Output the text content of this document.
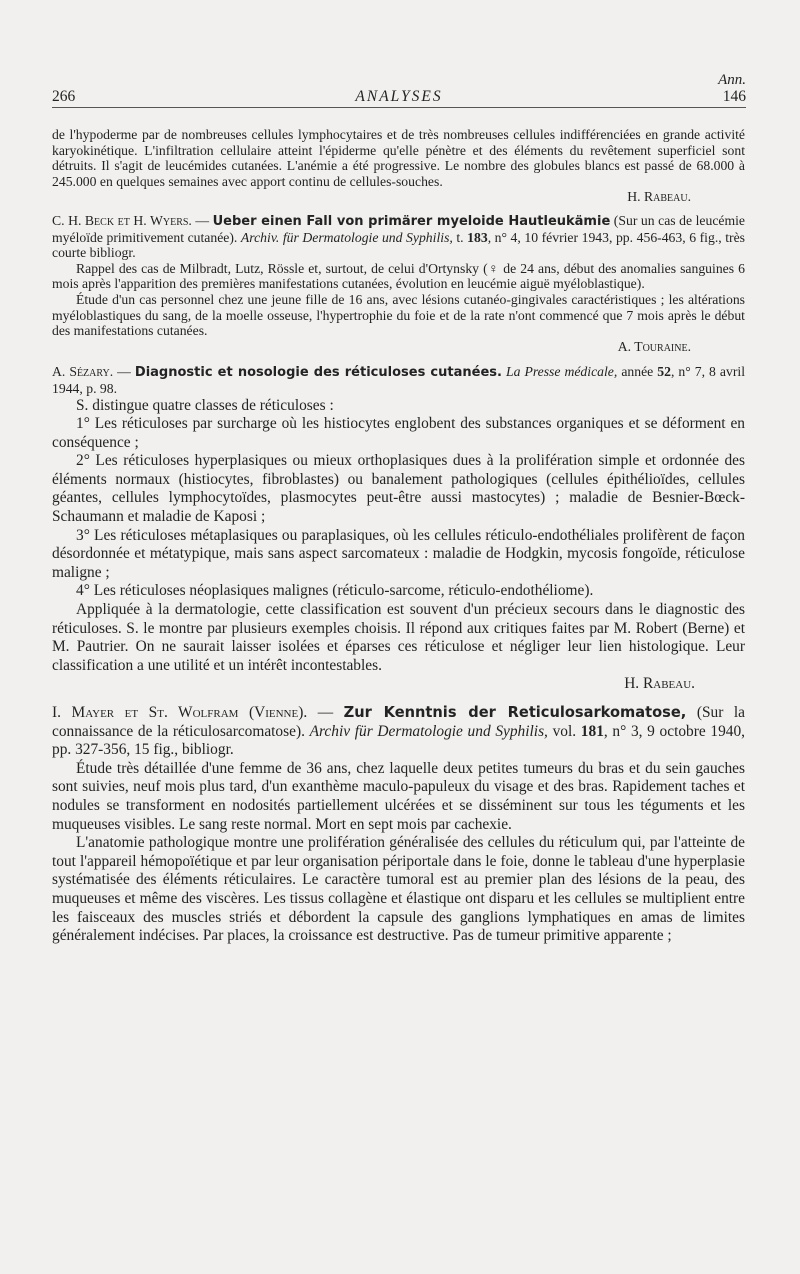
Ann.
266	ANALYSES	146

de l'hypoderme par de nombreuses cellules lymphocytaires et de très nombreuses cellules indifférenciées en grande activité karyokinétique. L'infiltration cellulaire atteint l'épiderme qu'elle pénètre et des éléments du revêtement superficiel sont détruits. Il s'agit de leucémides cutanées. L'anémie a été progressive. Le nombre des globules blancs est passé de 68.000 à 245.000 en quelques semaines avec apport continu de cellules-souches.

H. Rabeau.

C. H. Beck et H. Wyers. — Ueber einen Fall von primärer myeloide Hautleukämie (Sur un cas de leucémie myéloïde primitivement cutanée). Archiv. für Dermatologie und Syphilis, t. 183, n° 4, 10 février 1943, pp. 456-463, 6 fig., très courte bibliogr.

Rappel des cas de Milbradt, Lutz, Rössle et, surtout, de celui d'Ortynsky (♀ de 24 ans, début des anomalies sanguines 6 mois après l'apparition des premières manifestations cutanées, évolution en leucémie aiguë myéloblastique).

Étude d'un cas personnel chez une jeune fille de 16 ans, avec lésions cutanéo-gingivales caractéristiques ; les altérations myéloblastiques du sang, de la moelle osseuse, l'hypertrophie du foie et de la rate n'ont commencé que 7 mois après le début des manifestations cutanées.

A. Touraine.

A. Sézary. — Diagnostic et nosologie des réticuloses cutanées. La Presse médicale, année 52, n° 7, 8 avril 1944, p. 98.

S. distingue quatre classes de réticuloses :

1° Les réticuloses par surcharge où les histiocytes englobent des substances organiques et se déforment en conséquence ;

2° Les réticuloses hyperplasiques ou mieux orthoplasiques dues à la prolifération simple et ordonnée des éléments normaux (histiocytes, fibroblastes) ou banalement pathologiques (cellules épithélioïdes, cellules géantes, cellules lymphocytoïdes, plasmocytes peut-être aussi mastocytes) ; maladie de Besnier-Bœck-Schaumann et maladie de Kaposi ;

3° Les réticuloses métaplasiques ou paraplasiques, où les cellules réticulo-endothéliales prolifèrent de façon désordonnée et métatypique, mais sans aspect sarcomateux : maladie de Hodgkin, mycosis fongoïde, réticulose maligne ;

4° Les réticuloses néoplasiques malignes (réticulo-sarcome, réticulo-endothéliome).

Appliquée à la dermatologie, cette classification est souvent d'un précieux secours dans le diagnostic des réticuloses. S. le montre par plusieurs exemples choisis. Il répond aux critiques faites par M. Robert (Berne) et M. Pautrier. On ne saurait laisser isolées et éparses ces réticulose et négliger leur lien histologique. Leur classification a une utilité et un intérêt incontestables.

H. Rabeau.

I. Mayer et St. Wolfram (Vienne). — Zur Kenntnis der Reticulosarkomatose, (Sur la connaissance de la réticulosarcomatose). Archiv für Dermatologie und Syphilis, vol. 181, n° 3, 9 octobre 1940, pp. 327-356, 15 fig., bibliogr.

Étude très détaillée d'une femme de 36 ans, chez laquelle deux petites tumeurs du bras et du sein gauches sont suivies, neuf mois plus tard, d'un exanthème maculo-papuleux du visage et des bras. Rapidement taches et nodules se transforment en nodosités partiellement ulcérées et se disséminent sur tous les téguments et les muqueuses visibles. Le sang reste normal. Mort en sept mois par cachexie.

L'anatomie pathologique montre une prolifération généralisée des cellules du réticulum qui, par l'atteinte de tout l'appareil hémopoïétique et par leur organisation périportale dans le foie, donne le tableau d'une hyperplasie systématisée des éléments réticulaires. Le caractère tumoral est au premier plan des lésions de la peau, des muqueuses et même des viscères. Les tissus collagène et élastique ont disparu et les cellules se multiplient entre les faisceaux des muscles striés et débordent la capsule des ganglions lymphatiques en amas de limites généralement indécises. Par places, la croissance est destructive. Pas de tumeur primitive apparente ;
